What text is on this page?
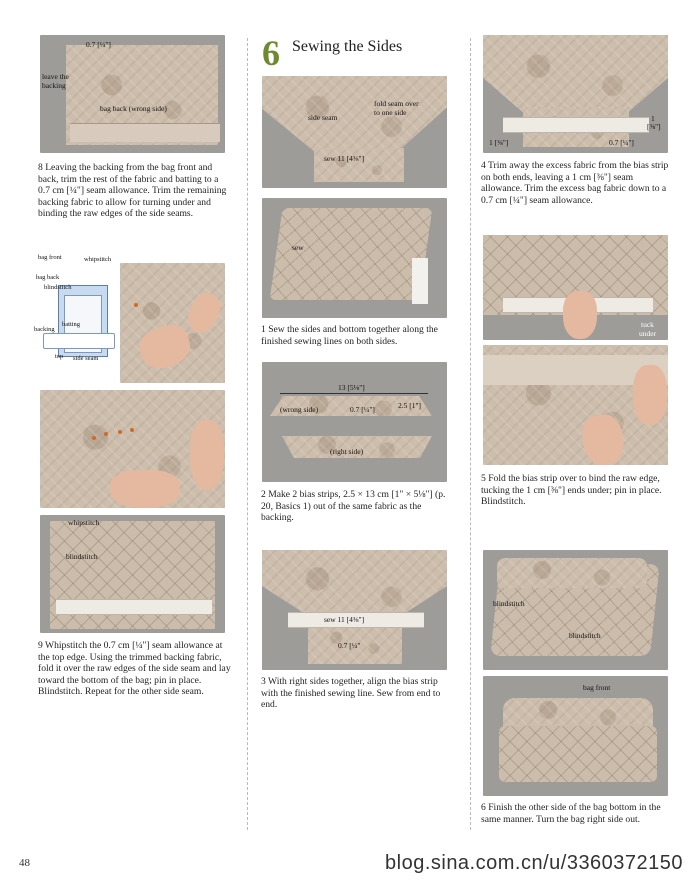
0.7 [¼"]
leave the
backing
bag back (wrong side)
8 Leaving the backing from the bag front and back, trim the rest of the fabric and batting to a 0.7 cm [¼"] seam allowance. Trim the remaining backing fabric to allow for turning under and binding the raw edges of the side seams.
bag front	whipstitch
bag back
blindstitch
backing
batting
top side seam
whipstitch
blindstitch
9 Whipstitch the 0.7 cm [¼"] seam allowance at the top edge. Using the trimmed backing fabric, fold it over the raw edges of the side seam and lay toward the bottom of the bag; pin in place. Blindstitch. Repeat for the other side seam.
6 Sewing the Sides
side seam
fold seam over
to one side
sew 11 [4⅜"]
sew
1 Sew the sides and bottom together along the finished sewing lines on both sides.
13 [5⅛"]
(wrong side)	0.7 [¼"]	2.5 [1"]
(right side)
2 Make 2 bias strips, 2.5 × 13 cm [1" × 5⅛"] (p. 20, Basics 1) out of the same fabric as the backing.
sew 11 [4⅜"]
0.7 [¼"
3 With right sides together, align the bias strip with the finished sewing line. Sew from end to end.
1 [⅜"]
1
[⅜"]
0.7 [¼"]
4 Trim away the excess fabric from the bias strip on both ends, leaving a 1 cm [⅜"] seam allowance. Trim the excess bag fabric down to a 0.7 cm [¼"] seam allowance.
tuck
under
5 Fold the bias strip over to bind the raw edge, tucking the 1 cm [⅜"] ends under; pin in place. Blindstitch.
blindstitch
blindstitch
bag front
6 Finish the other side of the bag bottom in the same manner. Turn the bag right side out.
48	blog.sina.com.cn/u/3360372150
